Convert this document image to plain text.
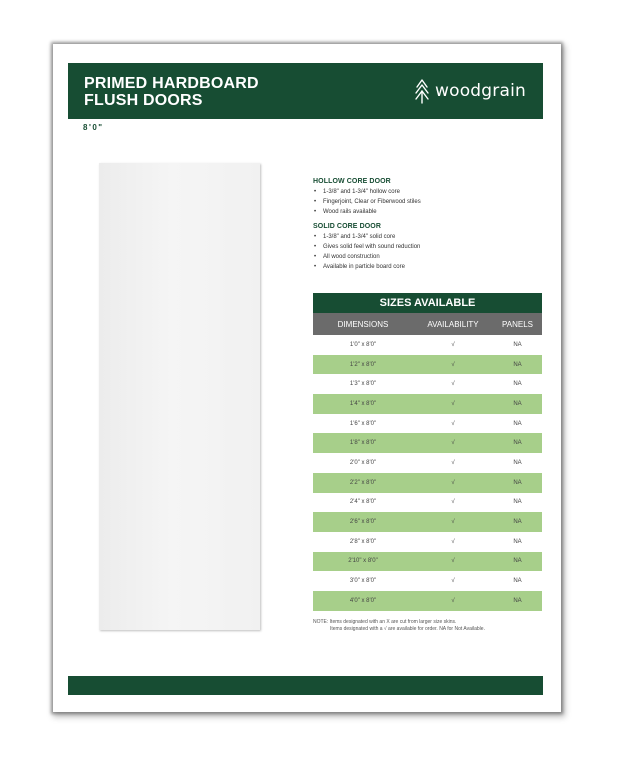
PRIMED HARDBOARD
FLUSH DOORS	woodgrain
8'0"
HOLLOW CORE DOOR
• 1-3/8" and 1-3/4" hollow core
• Fingerjoint, Clear or Fiberwood stiles
• Wood rails available
SOLID CORE DOOR
• 1-3/8" and 1-3/4" solid core
• Gives solid feel with sound reduction
• All wood construction
• Available in particle board core
SIZES AVAILABLE
DIMENSIONS	AVAILABILITY	PANELS
1'0" x 8'0"	√	NA
1'2" x 8'0"	√	NA
1'3" x 8'0"	√	NA
1'4" x 8'0"	√	NA
1'6" x 8'0"	√	NA
1'8" x 8'0"	√	NA
2'0" x 8'0"	√	NA
2'2" x 8'0"	√	NA
2'4" x 8'0"	√	NA
2'6" x 8'0"	√	NA
2'8" x 8'0"	√	NA
2'10" x 8'0"	√	NA
3'0" x 8'0"	√	NA
4'0" x 8'0"	√	NA
NOTE: Items designated with an X are cut from larger size skins.
Items designated with a √ are available for order. NA for Not Available.
